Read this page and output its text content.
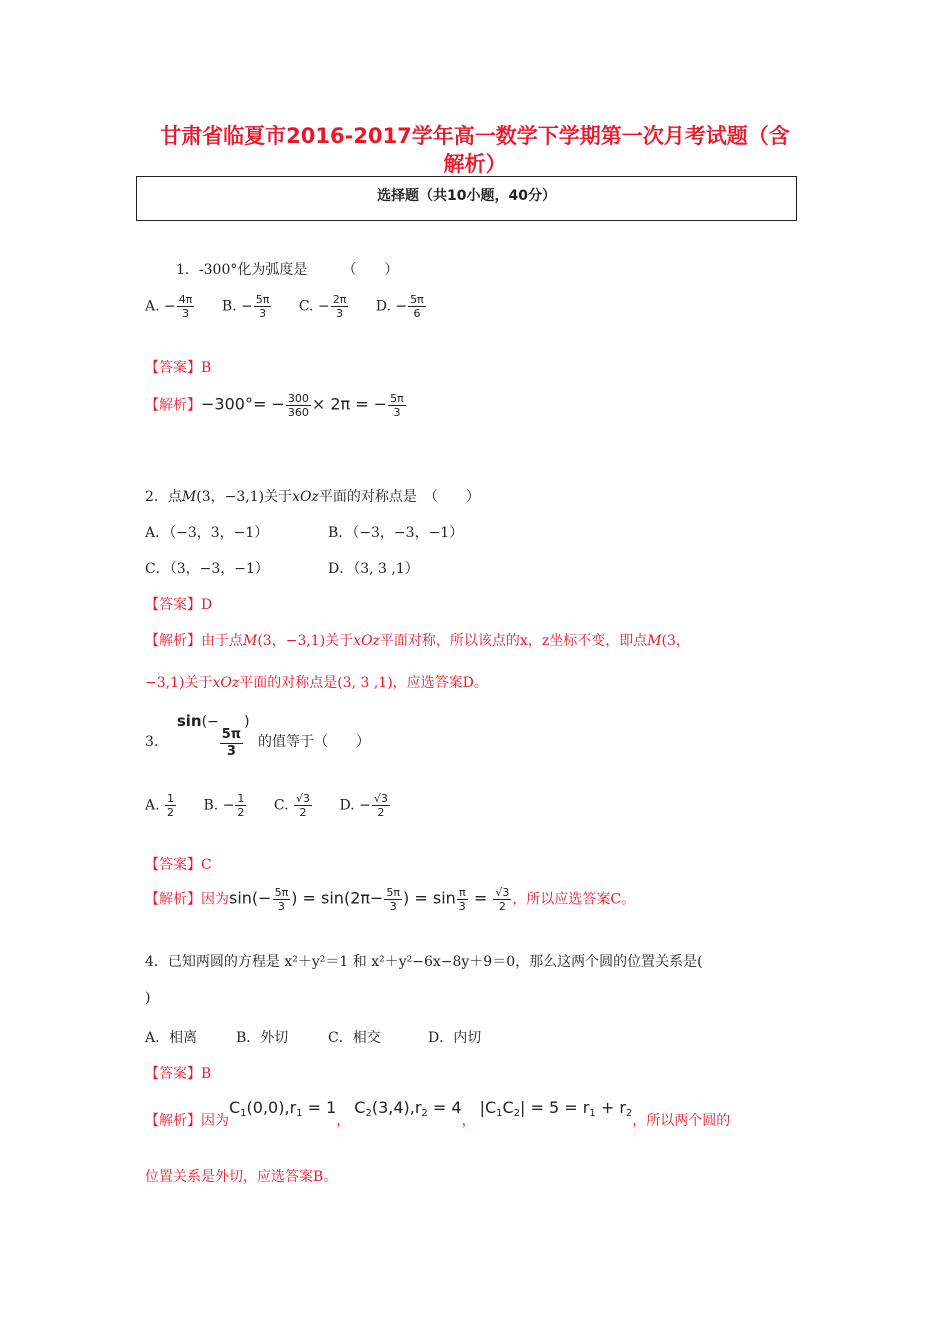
甘肃省临夏市2016-2017学年高一数学下学期第一次月考试题（含
解析）
选择题（共10小题，40分）
1．-300°化为弧度是　　　（　　）
A. − $\frac{4\pi}{3} B$. − $\frac{5\pi}{3} C$. − $\frac{2\pi}{3} D$. − $\frac{5\pi}{6}$
【答案】B
【解析】$-300^\circ= - \frac{300}{360} \times 2\pi$ = − $\frac{5\pi}{3}$
2．点M(3，−3,1)关于xOz平面的对称点是　（　　）
A．（−3，3，−1）	B．（−3，−3，−1）
C．（3，−3，−1）	D．（3, 3 ,1）
【答案】D
【解析】由于点M(3，−3,1)关于xOz平面对称，所以该点的x，z坐标不变，即点M(3，
−3,1)关于xOz平面的对称点是(3, 3 ,1)，应选答案D。
3. sin(−
$\frac{5\pi}{3}$
) 的值等于（　　）
A. $\frac{1}{2} B$. − $\frac{1}{2} C$. $\frac{√3}{2} D$. − $\frac{√3}{2}$
【答案】C
【解析】因为$\sin(- \frac{5\pi}{3}$ ) = $\sin(2\pi- \frac{5\pi}{3}$ ) = $\sin \frac{\pi}{3} = \frac{√3}{2}$ ，所以应选答案C。
4．已知两圆的方程是 x²＋y²＝1 和 x²＋y²−6x−8y＋9＝0，那么这两个圆的位置关系是(
)
A．相离	B．外切	C．相交	D．内切
【答案】B
【解析】因为$C_1(0,0),r_1 = 1$，$C_2(3,4),r_2 = 4$，$|C_1C_2| = 5 = r_1 + r_2$，所以两个圆的
位置关系是外切，应选答案B。
